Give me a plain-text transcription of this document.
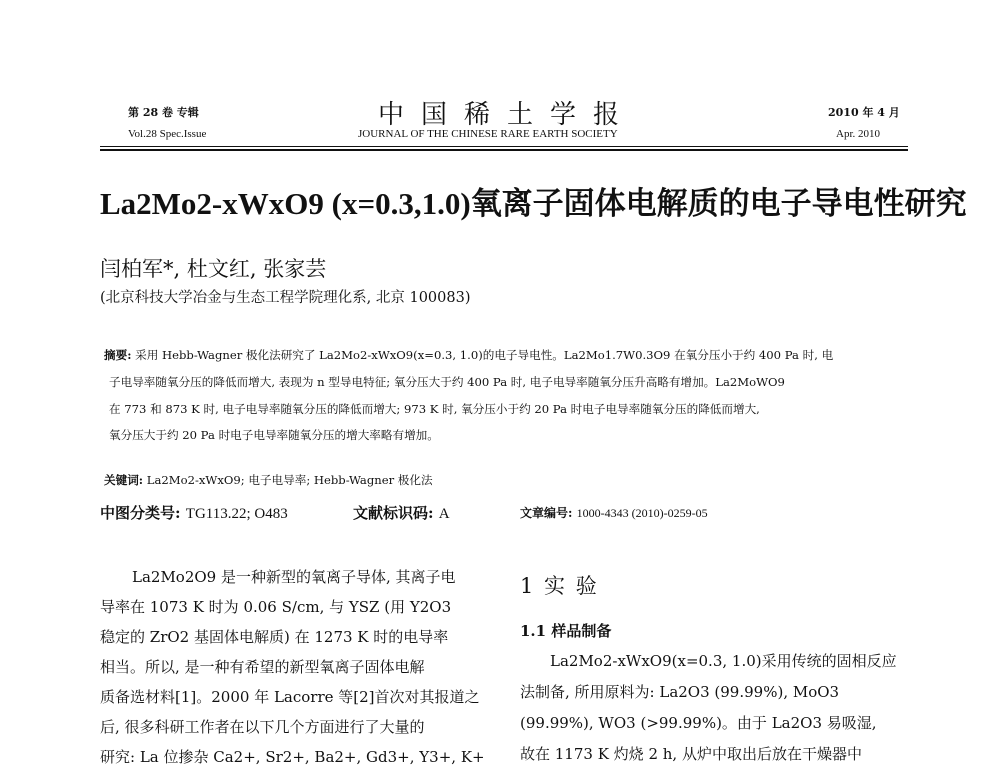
第 28 卷 专辑
Vol.28 Spec.Issue
中国稀土学报
JOURNAL OF THE CHINESE RARE EARTH SOCIETY
2010 年 4 月
Apr. 2010
La2Mo2-xWxO9 (x=0.3,1.0)氧离子固体电解质的电子导电性研究
闫柏军*, 杜文红, 张家芸
(北京科技大学冶金与生态工程学院理化系, 北京 100083)
摘要: 采用 Hebb-Wagner 极化法研究了 La2Mo2-xWxO9(x=0.3, 1.0)的电子导电性。La2Mo1.7W0.3O9 在氧分压小于约 400 Pa 时, 电
子电导率随氧分压的降低而增大, 表现为 n 型导电特征; 氧分压大于约 400 Pa 时, 电子电导率随氧分压升高略有增加。La2MoWO9
在 773 和 873 K 时, 电子电导率随氧分压的降低而增大; 973 K 时, 氧分压小于约 20 Pa 时电子电导率随氧分压的降低而增大,
氧分压大于约 20 Pa 时电子电导率随氧分压的增大率略有增加。
关键词: La2Mo2-xWxO9; 电子电导率; Hebb-Wagner 极化法
中图分类号: TG113.22; O483	文献标识码: A	文章编号: 1000-4343 (2010)-0259-05
La2Mo2O9 是一种新型的氧离子导体, 其离子电
导率在 1073 K 时为 0.06 S/cm, 与 YSZ (用 Y2O3
稳定的 ZrO2 基固体电解质) 在 1273 K 时的电导率
相当。所以, 是一种有希望的新型氧离子固体电解
质备选材料[1]。2000 年 Lacorre 等[2]首次对其报道之
后, 很多科研工作者在以下几个方面进行了大量的
研究: La 位掺杂 Ca2+, Sr2+, Ba2+, Gd3+, Y3+, K+
1 实 验
1.1 样品制备
La2Mo2-xWxO9(x=0.3, 1.0)采用传统的固相反应
法制备, 所用原料为: La2O3 (99.99%), MoO3
(99.99%), WO3 (>99.99%)。由于 La2O3 易吸湿,
故在 1173 K 灼烧 2 h, 从炉中取出后放在干燥器中
